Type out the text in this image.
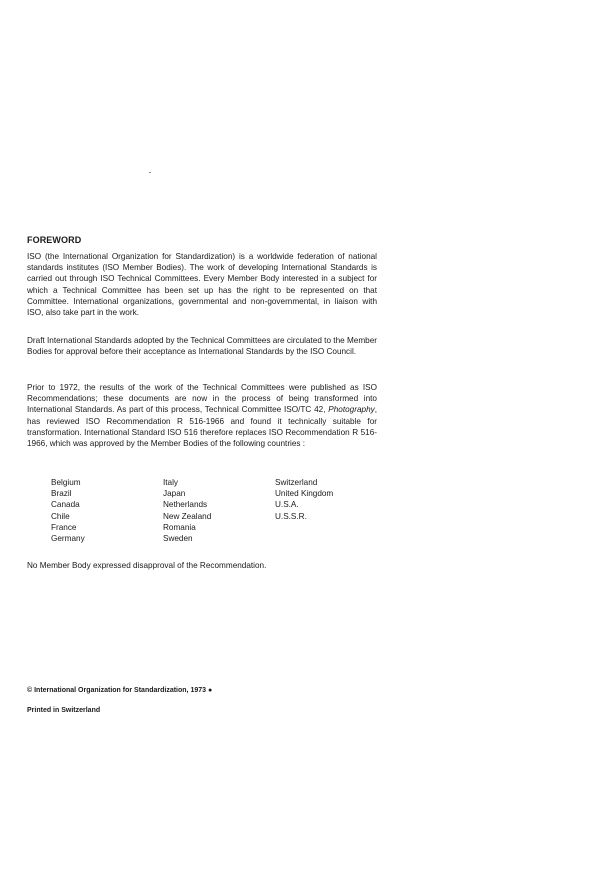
FOREWORD

ISO (the International Organization for Standardization) is a worldwide federation of national standards institutes (ISO Member Bodies). The work of developing International Standards is carried out through ISO Technical Committees. Every Member Body interested in a subject for which a Technical Committee has been set up has the right to be represented on that Committee. International organizations, governmental and non-governmental, in liaison with ISO, also take part in the work.

Draft International Standards adopted by the Technical Committees are circulated to the Member Bodies for approval before their acceptance as International Standards by the ISO Council.

Prior to 1972, the results of the work of the Technical Committees were published as ISO Recommendations; these documents are now in the process of being transformed into International Standards. As part of this process, Technical Committee ISO/TC 42, Photography, has reviewed ISO Recommendation R 516-1966 and found it technically suitable for transformation. International Standard ISO 516 therefore replaces ISO Recommendation R 516-1966, which was approved by the Member Bodies of the following countries :

Belgium
Brazil
Canada
Chile
France
Germany
Italy
Japan
Netherlands
New Zealand
Romania
Sweden
Switzerland
United Kingdom
U.S.A.
U.S.S.R.

No Member Body expressed disapproval of the Recommendation.

© International Organization for Standardization, 1973 ●
Printed in Switzerland
